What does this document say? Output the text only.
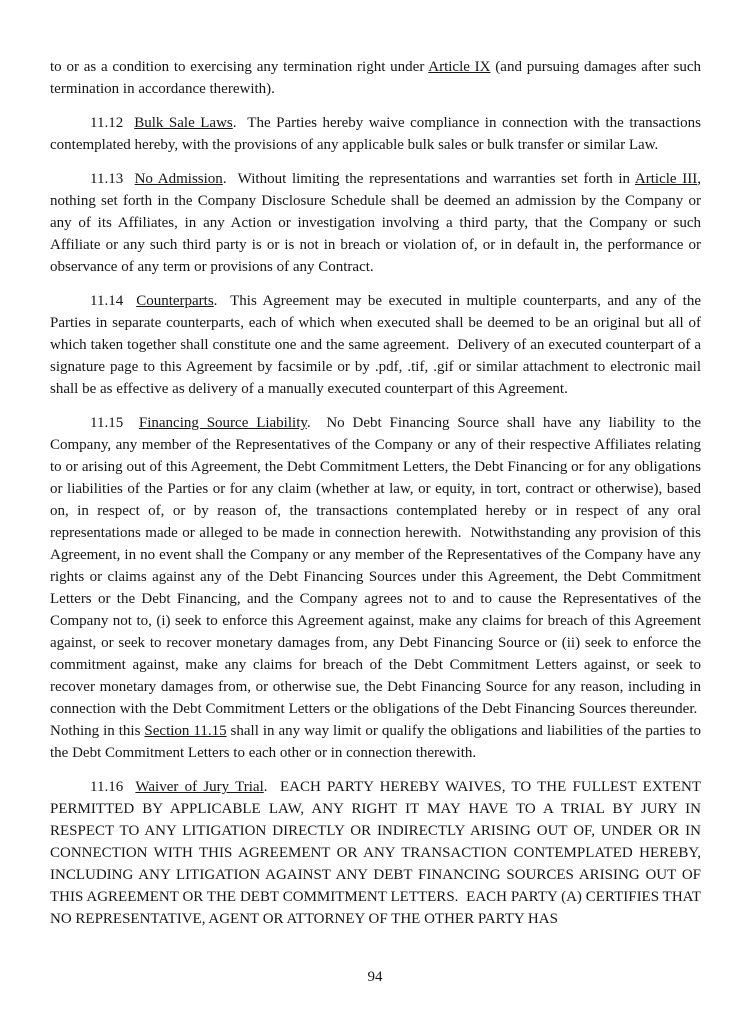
to or as a condition to exercising any termination right under Article IX (and pursuing damages after such termination in accordance therewith).

11.12  Bulk Sale Laws.  The Parties hereby waive compliance in connection with the transactions contemplated hereby, with the provisions of any applicable bulk sales or bulk transfer or similar Law.

11.13  No Admission.  Without limiting the representations and warranties set forth in Article III, nothing set forth in the Company Disclosure Schedule shall be deemed an admission by the Company or any of its Affiliates, in any Action or investigation involving a third party, that the Company or such Affiliate or any such third party is or is not in breach or violation of, or in default in, the performance or observance of any term or provisions of any Contract.

11.14  Counterparts.  This Agreement may be executed in multiple counterparts, and any of the Parties in separate counterparts, each of which when executed shall be deemed to be an original but all of which taken together shall constitute one and the same agreement.  Delivery of an executed counterpart of a signature page to this Agreement by facsimile or by .pdf, .tif, .gif or similar attachment to electronic mail shall be as effective as delivery of a manually executed counterpart of this Agreement.

11.15  Financing Source Liability.  No Debt Financing Source shall have any liability to the Company, any member of the Representatives of the Company or any of their respective Affiliates relating to or arising out of this Agreement, the Debt Commitment Letters, the Debt Financing or for any obligations or liabilities of the Parties or for any claim (whether at law, or equity, in tort, contract or otherwise), based on, in respect of, or by reason of, the transactions contemplated hereby or in respect of any oral representations made or alleged to be made in connection herewith.  Notwithstanding any provision of this Agreement, in no event shall the Company or any member of the Representatives of the Company have any rights or claims against any of the Debt Financing Sources under this Agreement, the Debt Commitment Letters or the Debt Financing, and the Company agrees not to and to cause the Representatives of the Company not to, (i) seek to enforce this Agreement against, make any claims for breach of this Agreement against, or seek to recover monetary damages from, any Debt Financing Source or (ii) seek to enforce the commitment against, make any claims for breach of the Debt Commitment Letters against, or seek to recover monetary damages from, or otherwise sue, the Debt Financing Source for any reason, including in connection with the Debt Commitment Letters or the obligations of the Debt Financing Sources thereunder.  Nothing in this Section 11.15 shall in any way limit or qualify the obligations and liabilities of the parties to the Debt Commitment Letters to each other or in connection therewith.

11.16  Waiver of Jury Trial.  EACH PARTY HEREBY WAIVES, TO THE FULLEST EXTENT PERMITTED BY APPLICABLE LAW, ANY RIGHT IT MAY HAVE TO A TRIAL BY JURY IN RESPECT TO ANY LITIGATION DIRECTLY OR INDIRECTLY ARISING OUT OF, UNDER OR IN CONNECTION WITH THIS AGREEMENT OR ANY TRANSACTION CONTEMPLATED HEREBY, INCLUDING ANY LITIGATION AGAINST ANY DEBT FINANCING SOURCES ARISING OUT OF THIS AGREEMENT OR THE DEBT COMMITMENT LETTERS.  EACH PARTY (A) CERTIFIES THAT NO REPRESENTATIVE, AGENT OR ATTORNEY OF THE OTHER PARTY HAS

94
